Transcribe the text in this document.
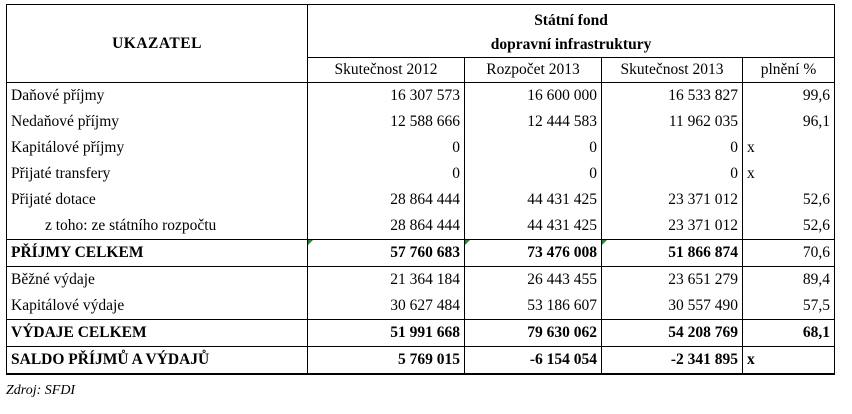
UKAZATEL	Státní fond			
	dopravní infrastruktury			
	Skutečnost 2012	Rozpočet 2013	Skutečnost 2013	plnění %
Daňové příjmy	16 307 573	16 600 000	16 533 827	99,6
Nedaňové příjmy	12 588 666	12 444 583	11 962 035	96,1
Kapitálové příjmy	0	0	0	x
Přijaté transfery	0	0	0	x
Přijaté dotace	28 864 444	44 431 425	23 371 012	52,6
z toho: ze státního rozpočtu	28 864 444	44 431 425	23 371 012	52,6
PŘÍJMY CELKEM	57 760 683	73 476 008	51 866 874	70,6
Běžné výdaje	21 364 184	26 443 455	23 651 279	89,4
Kapitálové výdaje	30 627 484	53 186 607	30 557 490	57,5
VÝDAJE CELKEM	51 991 668	79 630 062	54 208 769	68,1
SALDO PŘÍJMŮ A VÝDAJŮ	5 769 015	-6 154 054	-2 341 895	x
Zdroj: SFDI
